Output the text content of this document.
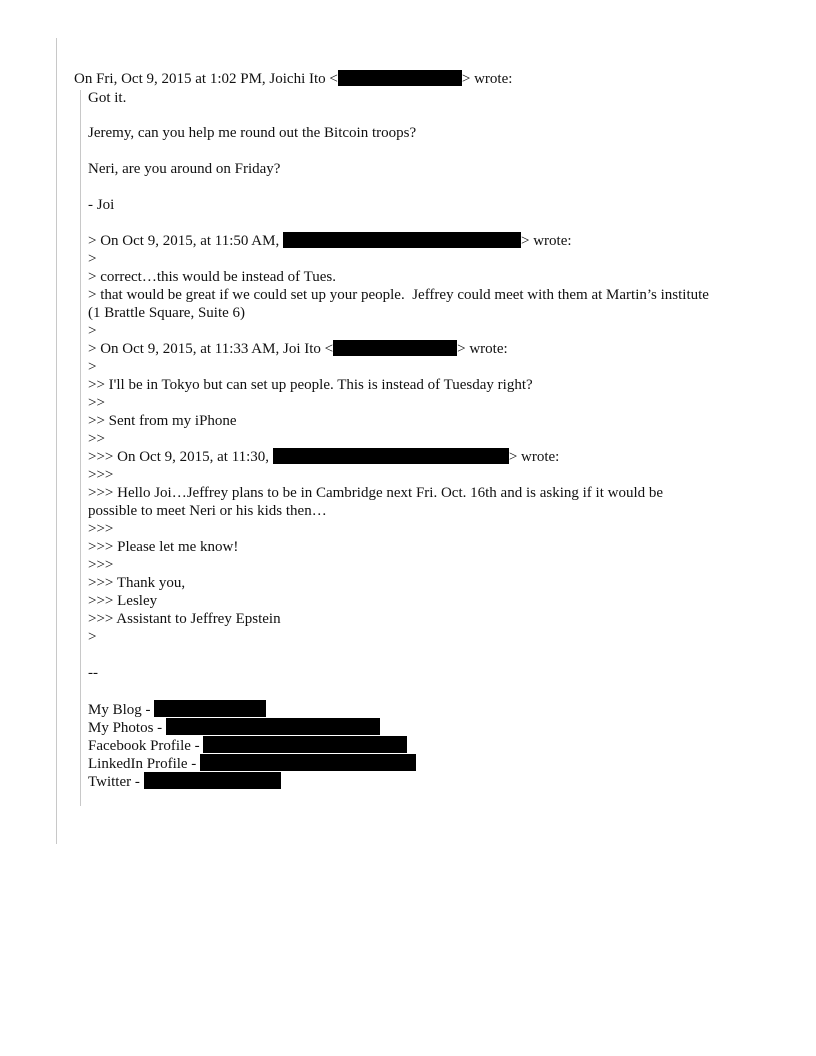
On Fri, Oct 9, 2015 at 1:02 PM, Joichi Ito <	> wrote:
Got it.
Jeremy, can you help me round out the Bitcoin troops?
Neri, are you around on Friday?
- Joi
> On Oct 9, 2015, at 11:50 AM,	> wrote:
>
> correct…this would be instead of Tues.
> that would be great if we could set up your people.  Jeffrey could meet with them at Martin’s institute
(1 Brattle Square, Suite 6)
>
> On Oct 9, 2015, at 11:33 AM, Joi Ito <	> wrote:
>
>> I'll be in Tokyo but can set up people. This is instead of Tuesday right?
>>
>> Sent from my iPhone
>>
>>> On Oct 9, 2015, at 11:30,	> wrote:
>>>
>>> Hello Joi…Jeffrey plans to be in Cambridge next Fri. Oct. 16th and is asking if it would be
possible to meet Neri or his kids then…
>>>
>>> Please let me know!
>>>
>>> Thank you,
>>> Lesley
>>> Assistant to Jeffrey Epstein
>
--
My Blog -
My Photos -
Facebook Profile -
LinkedIn Profile -
Twitter -
